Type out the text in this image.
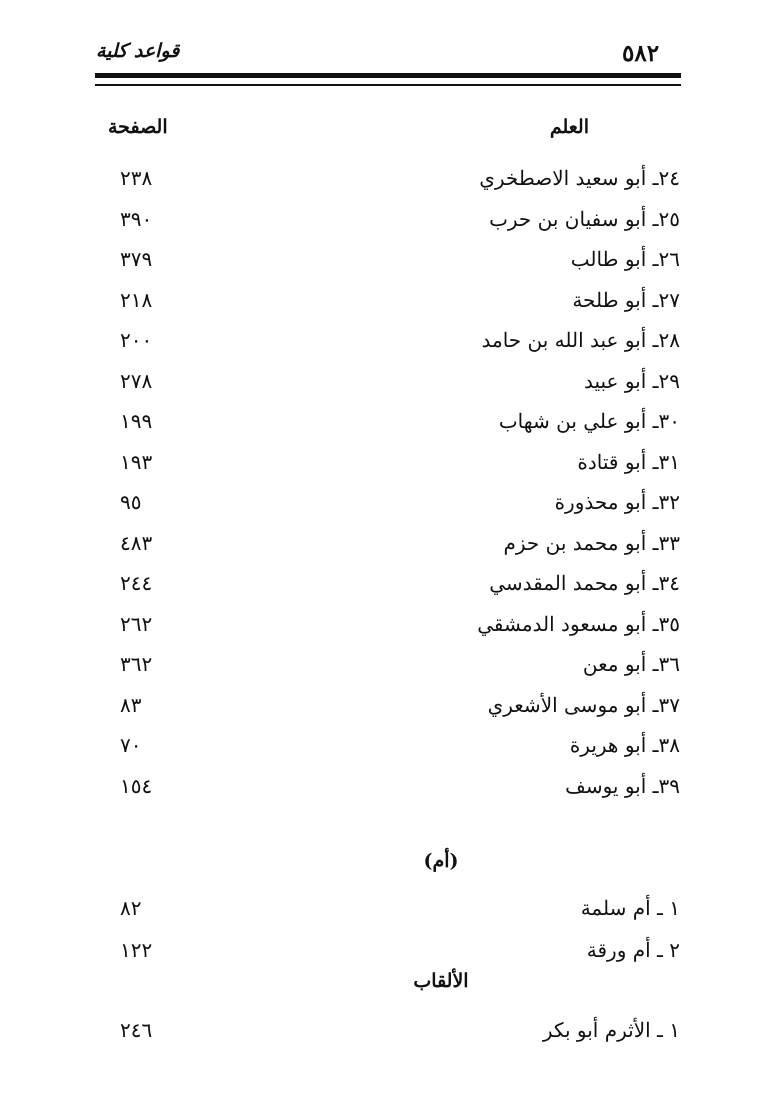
٥٨٢
قواعد كلية
العلم
الصفحة
٢٤ـ أبو سعيد الاصطخري
٢٣٨
٢٥ـ أبو سفيان بن حرب
٣٩٠
٢٦ـ أبو طالب
٣٧٩
٢٧ـ أبو طلحة
٢١٨
٢٨ـ أبو عبد الله بن حامد
٢٠٠
٢٩ـ أبو عبيد
٢٧٨
٣٠ـ أبو علي بن شهاب
١٩٩
٣١ـ أبو قتادة
١٩٣
٣٢ـ أبو محذورة
٩٥
٣٣ـ أبو محمد بن حزم
٤٨٣
٣٤ـ أبو محمد المقدسي
٢٤٤
٣٥ـ أبو مسعود الدمشقي
٢٦٢
٣٦ـ أبو معن
٣٦٢
٣٧ـ أبو موسى الأشعري
٨٣
٣٨ـ أبو هريرة
٧٠
٣٩ـ أبو يوسف
١٥٤
(أم)
١ ـ أم سلمة
٨٢
٢ ـ أم ورقة
١٢٢
الألقاب
١ ـ الأثرم أبو بكر
٢٤٦
